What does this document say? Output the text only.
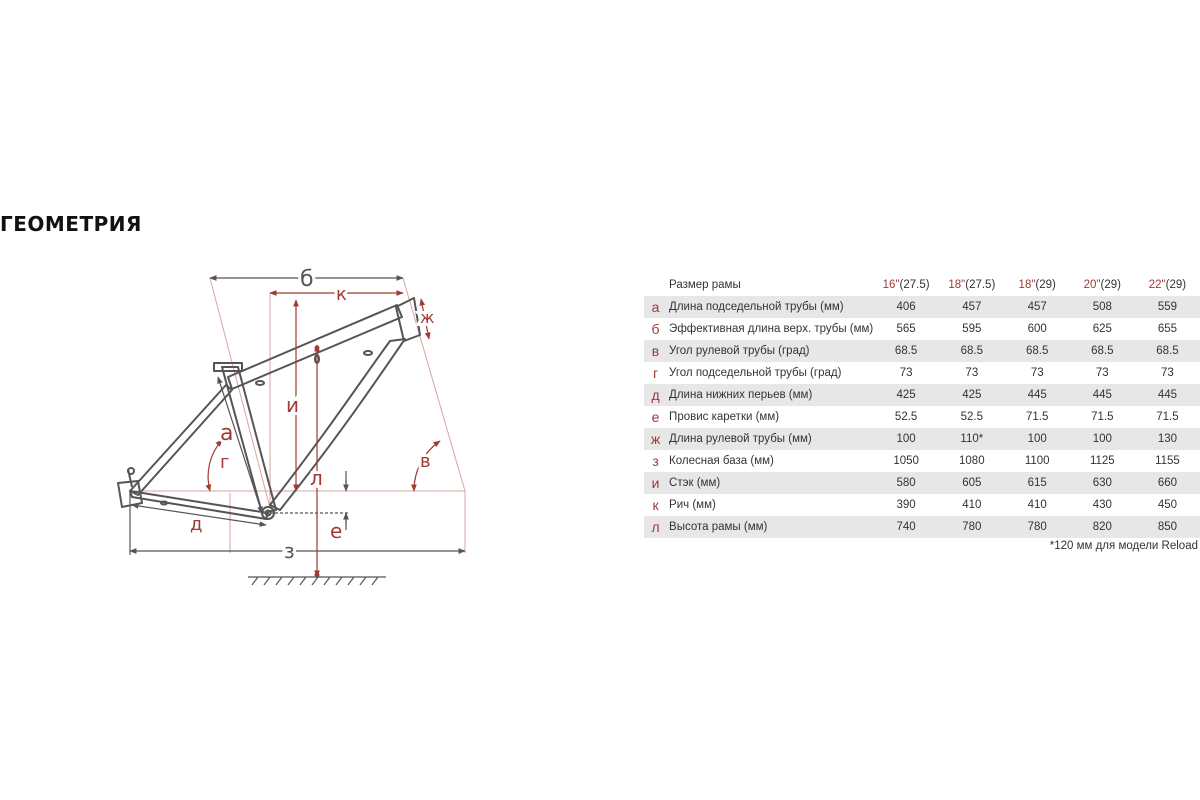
ГЕОМЕТРИЯ
б
к
и
л
а
г
д	е
з
ж
в
	Размер рамы	16"(27.5)	18"(27.5)	18"(29)	20"(29)	22"(29)
а	Длина подседельной трубы (мм)	406	457	457	508	559
б	Эффективная длина верх. трубы (мм)	565	595	600	625	655
в	Угол рулевой трубы (град)	68.5	68.5	68.5	68.5	68.5
г	Угол подседельной трубы (град)	73	73	73	73	73
д	Длина нижних перьев (мм)	425	425	445	445	445
е	Провис каретки (мм)	52.5	52.5	71.5	71.5	71.5
ж	Длина рулевой трубы (мм)	100	110*	100	100	130
з	Колесная база (мм)	1050	1080	1100	1125	1155
и	Стэк (мм)	580	605	615	630	660
к	Рич (мм)	390	410	410	430	450
л	Высота рамы (мм)	740	780	780	820	850
*120 мм для модели Reload
